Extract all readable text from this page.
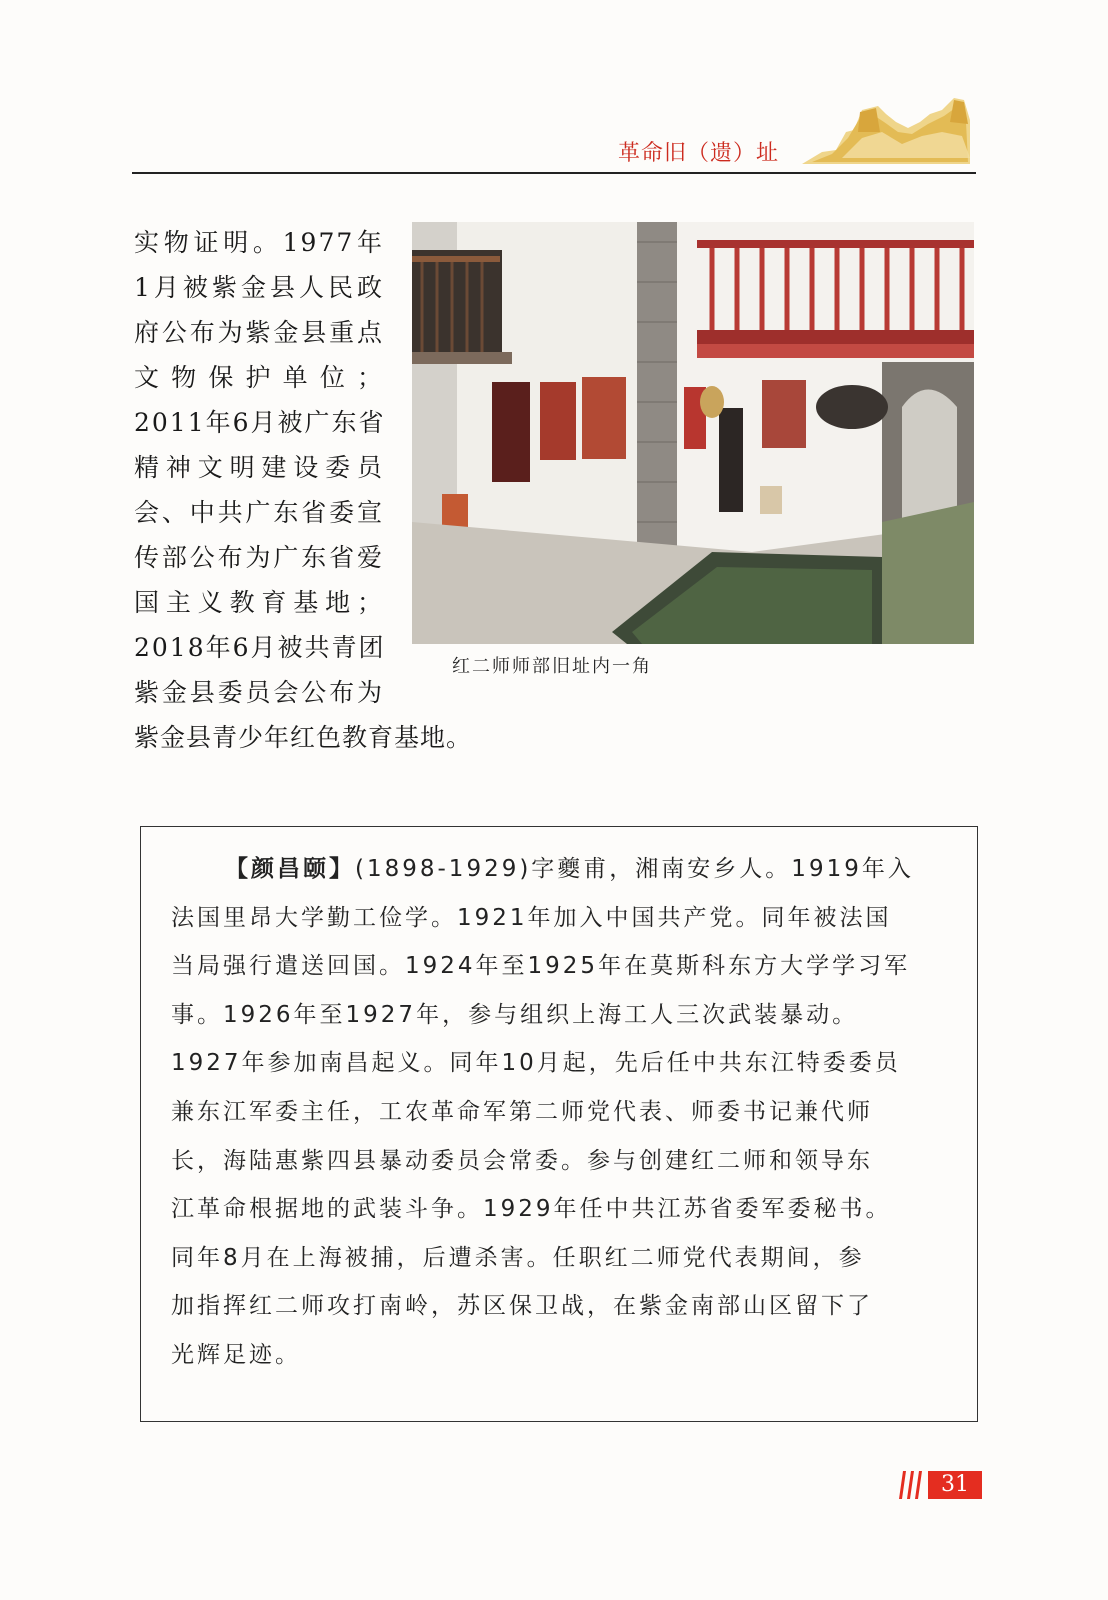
革命旧（遗）址
实物证明。1977年
1月被紫金县人民政
府公布为紫金县重点
文物保护单位；
2011年6月被广东省
精神文明建设委员
会、中共广东省委宣
传部公布为广东省爱
国主义教育基地；
2018年6月被共青团
紫金县委员会公布为
紫金县青少年红色教育基地。
红二师师部旧址内一角
【颜昌颐】(1898-1929)字夔甫，湘南安乡人。1919年入
法国里昂大学勤工俭学。1921年加入中国共产党。同年被法国
当局强行遣送回国。1924年至1925年在莫斯科东方大学学习军
事。1926年至1927年，参与组织上海工人三次武装暴动。
1927年参加南昌起义。同年10月起，先后任中共东江特委委员
兼东江军委主任，工农革命军第二师党代表、师委书记兼代师
长，海陆惠紫四县暴动委员会常委。参与创建红二师和领导东
江革命根据地的武装斗争。1929年任中共江苏省委军委秘书。
同年8月在上海被捕，后遭杀害。任职红二师党代表期间，参
加指挥红二师攻打南岭，苏区保卫战，在紫金南部山区留下了
光辉足迹。
31
